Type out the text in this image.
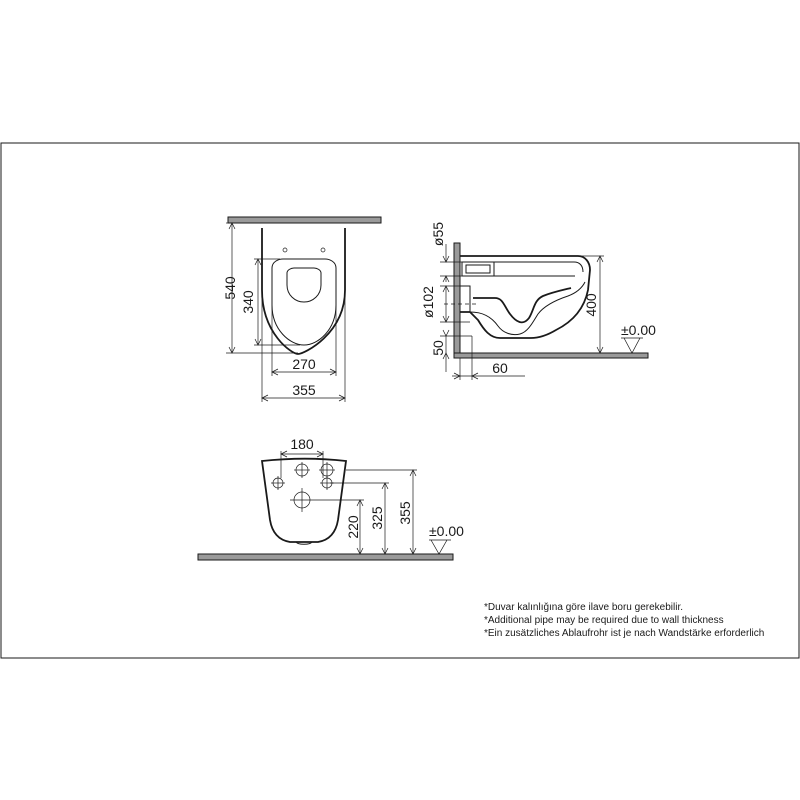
540
340
270
355
ø55
ø102
50
60
400
±0.00
180
220 325 355
±0.00
*Duvar kalınlığına göre ilave boru gerekebilir.
*Additional pipe may be required due to wall thickness
*Ein zusätzliches Ablaufrohr ist je nach Wandstärke erforderlich
